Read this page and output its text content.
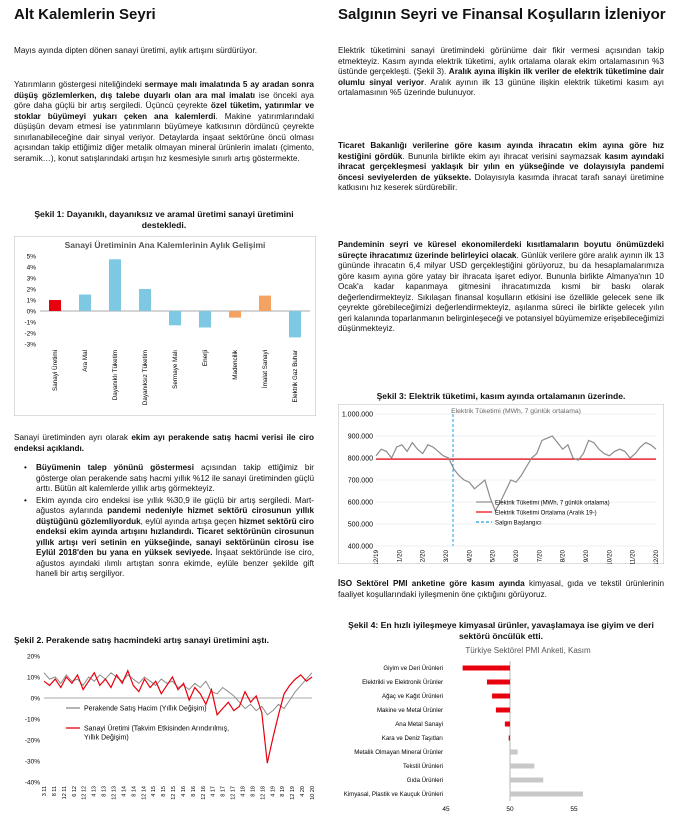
Alt Kalemlerin Seyri
Mayıs ayında dipten dönen sanayi üretimi, aylık artışını sürdürüyor.
Yatırımların göstergesi niteliğindeki sermaye malı imalatında 5 ay aradan sonra düşüş gözlemlerken, dış talebe duyarlı olan ara mal imalatı ise önceki aya göre daha güçlü bir artış sergiledi. Üçüncü çeyrekte özel tüketim, yatırımlar ve stoklar büyümeyi yukarı çeken ana kalemlerdi. Makine yatırımlarındaki düşüşün devam etmesi ise yatırımların büyümeye katkısının dördüncü çeyrekte sınırlanabileceğine dair sinyal veriyor. Detaylarda inşaat sektörüne öncü olması açısından takip ettiğimiz diğer metalik olmayan mineral ürünlerin imalatı (çimento, seramik…), konut satışlarındaki artışın hız kesmesiyle sınırlı artış göstermekte.
Şekil 1: Dayanıklı, dayanıksız ve aramal üretimi sanayi üretimini destekledi.
Sanayi Üretiminin Ana Kalemlerinin Aylık Gelişimi
5%
4%
3%
2%
1%
0%
-1%
-2%
-3%
Sanayi Üretimi	Ara Mal	Dayanıklı Tüketim	Dayanıksız Tüketim	Sermaye Malı	Enerji	Madencilik	İmalat Sanayi	Elektrik Gaz Buhar
Sanayi üretiminden ayrı olarak ekim ayı perakende satış hacmi verisi ile ciro endeksi açıklandı.
• Büyümenin talep yönünü göstermesi açısından takip ettiğimiz bir gösterge olan perakende satış hacmi yıllık %12 ile sanayi üretiminden güçlü arttı. Bütün alt kalemlerde yıllık artış görmekteyiz.
• Ekim ayında ciro endeksi ise yıllık %30,9 ile güçlü bir artış sergiledi. Mart-ağustos aylarında pandemi nedeniyle hizmet sektörü cirosunun yıllık düştüğünü gözlemliyorduk, eylül ayında artışa geçen hizmet sektörü ciro endeksi ekim ayında artışını hızlandırdı. Ticaret sektörünün cirosunun yıllık artışı veri setinin en yükseğinde, sanayi sektörünün cirosu ise Eylül 2018'den bu yana en yüksek seviyede. İnşaat sektöründe ise ciro, ağustos ayındaki ılımlı artıştan sonra ekimde, eylüle benzer şekilde gift haneli bir artış sergiliyor.
Şekil 2. Perakende satış hacmindeki artış sanayi üretimini aştı.
20%
10%
0%
-10%
-20%
-30%
-40%
3 11 8 11 12 11 6 12 12 12 4 13 8 13 12 13 4 14 8 14 12 14 4 15 8 15 12 15 4 16 8 16 12 16 4 17 8 17 12 17 4 18 8 18 12 18 4 19 8 19 12 19 4 20 10 20
Perakende Satış Hacim (Yıllık Değişim)
Sanayi Üretimi (Takvim Etkisinden Arındırılmış,
Yıllık Değişim)
Salgının Seyri ve Finansal Koşulların İzleniyor
Elektrik tüketimini sanayi üretimindeki görünüme dair fikir vermesi açısından takip etmekteyiz. Kasım ayında elektrik tüketimi, aylık ortalama olarak ekim ortalamasının %3 üstünde gerçekleşti. (Şekil 3). Aralık ayına ilişkin ilk veriler de elektrik tüketimine dair olumlu sinyal veriyor. Aralık ayının ilk 13 gününe ilişkin elektrik tüketimi kasım ayı ortalamasının %5 üzerinde bulunuyor.
Ticaret Bakanlığı verilerine göre kasım ayında ihracatın ekim ayına göre hız kestiğini gördük. Bununla birlikte ekim ayı ihracat verisini saymazsak kasım ayındaki ihracat gerçekleşmesi yaklaşık bir yılın en yükseğinde ve dolayısıyla pandemi öncesi seviyelerden de yüksekte. Dolayısıyla kasımda ihracat tarafı sanayi üretimine katkısını hız keserek sürdürebilir.
Pandeminin seyri ve küresel ekonomilerdeki kısıtlamaların boyutu önümüzdeki süreçte ihracatımız üzerinde belirleyici olacak. Günlük verilere göre aralık ayının ilk 13 gününde ihracatın 6,4 milyar USD gerçekleştiğini görüyoruz, bu da hesaplamalarımıza göre kasım ayına göre yatay bir ihracata işaret ediyor. Bununla birlikte Almanya'nın 10 Ocak'a kadar kapanmaya gitmesini ihracatımızda kısmi bir baskı olarak değerlendirmekteyiz. Sıkılaşan finansal koşulların etkisini ise özellikle gelecek sene ilk çeyrekte görebileceğimizi değerlendirmekteyiz, aşılanma süreci ile birlikte gelecek yılın geri kalanında toparlanmanın belirginleşeceği ve potansiyel büyümemize erişebileceğimizi düşünmekteyiz.
Şekil 3: Elektrik tüketimi, kasım ayında ortalamanın üzerinde.
1.000.000
900.000
800.000
700.000
600.000
500.000
400.000
Elektrik Tüketimi (MWh, 7 günlük ortalama)
12/19	1/20	2/20	3/20	4/20	5/20	6/20	7/20	8/20	9/20	10/20	11/20	12/20
Elektrik Tüketimi (MWh, 7 günlük ortalama)
Elektrik Tüketimi Ortalama (Aralık 19-)
Salgın Başlangıcı
İSO Sektörel PMI anketine göre kasım ayında kimyasal, gıda ve tekstil ürünlerinin faaliyet koşullarındaki iyileşmenin öne çıktığını görüyoruz.
Şekil 4: En hızlı iyileşmeye kimyasal ürünler, yavaşlamaya ise giyim ve deri sektörü öncülük etti.
Türkiye Sektörel PMI Anketi, Kasım
45	50	55
Giyim ve Deri Ürünleri
Elektrikli ve Elektronik Ürünler
Ağaç ve Kağıt Ürünleri
Makine ve Metal Ürünler
Ana Metal Sanayi
Kara ve Deniz Taşıtları
Metalik Olmayan Mineral Ürünler
Tekstil Ürünleri
Gıda Ürünleri
Kimyasal, Plastik ve Kauçuk Ürünleri
